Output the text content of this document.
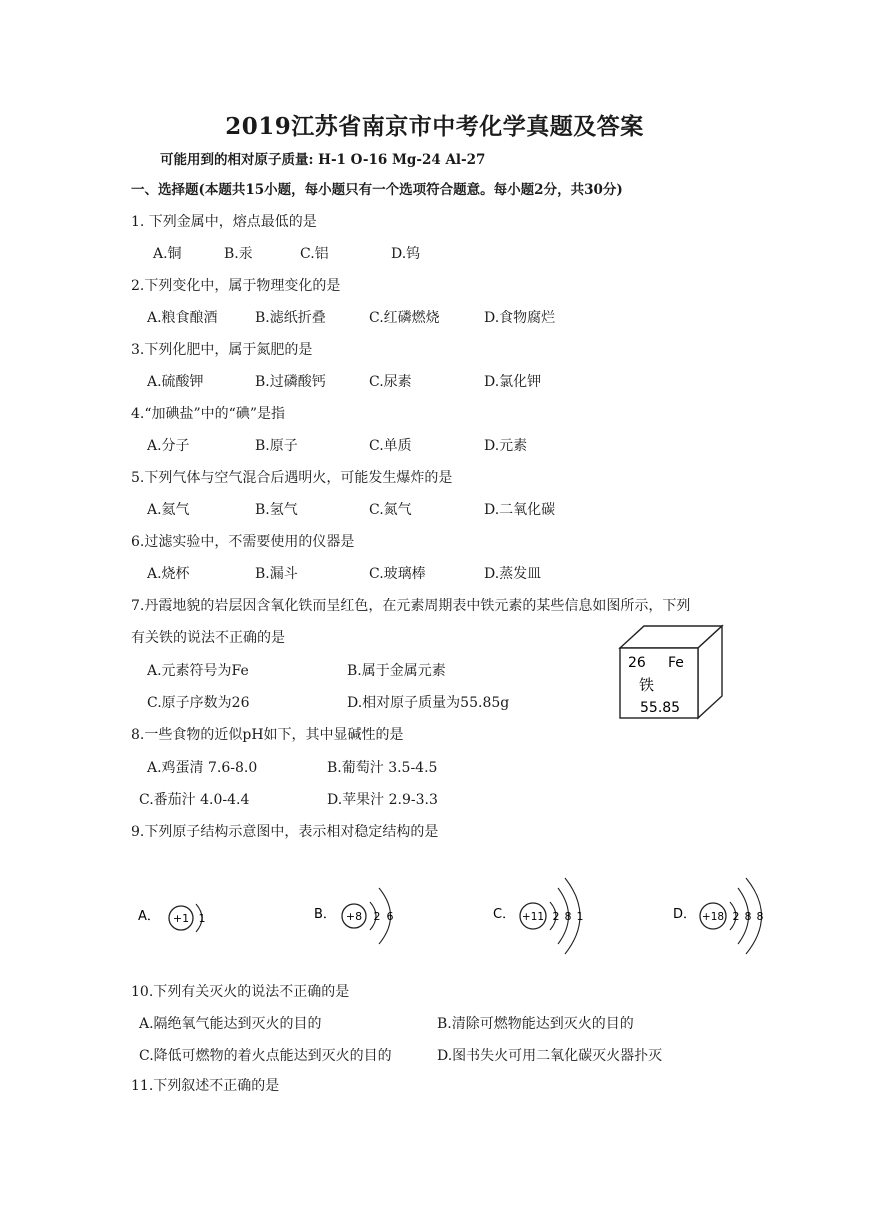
2019江苏省南京市中考化学真题及答案
可能用到的相对原子质量: H-1 O-16 Mg-24 Al-27
一、选择题(本题共15小题，每小题只有一个选项符合题意。每小题2分，共30分)
1. 下列金属中，熔点最低的是
A.铜	B.汞	C.铝	D.钨
2.下列变化中，属于物理变化的是
A.粮食酿酒	B.滤纸折叠	C.红磷燃烧	D.食物腐烂
3.下列化肥中，属于氮肥的是
A.硫酸钾	B.过磷酸钙	C.尿素	D.氯化钾
4.“加碘盐”中的“碘”是指
A.分子	B.原子	C.单质	D.元素
5.下列气体与空气混合后遇明火，可能发生爆炸的是
A.氦气	B.氢气	C.氮气	D.二氧化碳
6.过滤实验中，不需要使用的仪器是
A.烧杯	B.漏斗	C.玻璃棒	D.蒸发皿
7.丹霞地貌的岩层因含氧化铁而呈红色，在元素周期表中铁元素的某些信息如图所示，下列
有关铁的说法不正确的是
A.元素符号为Fe	B.属于金属元素
C.原子序数为26	D.相对原子质量为55.85g
26 Fe
铁
55.85
8.一些食物的近似pH如下，其中显碱性的是
A.鸡蛋清 7.6-8.0	B.葡萄汁 3.5-4.5
C.番茄汁 4.0-4.4	D.苹果汁 2.9-3.3
9.下列原子结构示意图中，表示相对稳定结构的是
A． +1 1	B． +8 2 6	C． +11 2 8 1	D． +18 2 8 8
10.下列有关灭火的说法不正确的是
A.隔绝氧气能达到灭火的目的	B.清除可燃物能达到灭火的目的
C.降低可燃物的着火点能达到灭火的目的	D.图书失火可用二氧化碳灭火器扑灭
11.下列叙述不正确的是
